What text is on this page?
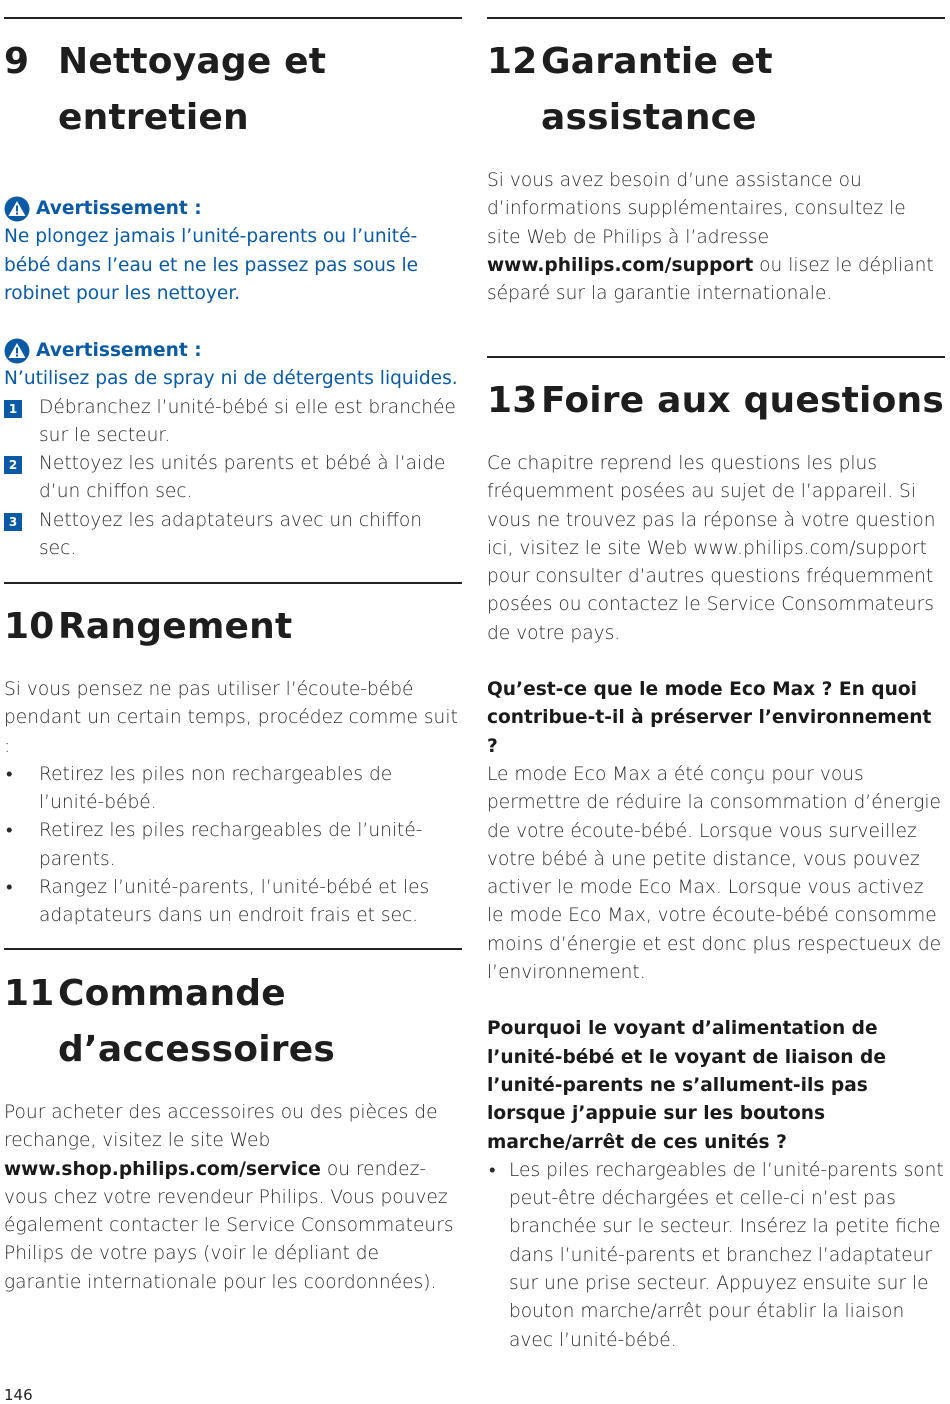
9 Nettoyage et
entretien
Avertissement :

Ne plongez jamais l’unité-parents ou l’unité-bébé dans l’eau et ne les passez pas sous le robinet pour les nettoyer.

Avertissement :

N’utilisez pas de spray ni de détergents liquides.

1 Débranchez l’unité-bébé si elle est branchée sur le secteur.
2 Nettoyez les unités parents et bébé à l’aide d’un chiffon sec.
3 Nettoyez les adaptateurs avec un chiffon sec.
10Rangement

Si vous pensez ne pas utiliser l’écoute-bébé pendant un certain temps, procédez comme suit :

• Retirez les piles non rechargeables de l’unité-bébé.
• Retirez les piles rechargeables de l’unité-parents.
• Rangez l’unité-parents, l’unité-bébé et les adaptateurs dans un endroit frais et sec.
11Commande
d’accessoires

Pour acheter des accessoires ou des pièces de rechange, visitez le site Web www.shop.philips.com/service ou rendez-vous chez votre revendeur Philips. Vous pouvez également contacter le Service Consommateurs Philips de votre pays (voir le dépliant de garantie internationale pour les coordonnées).

12Garantie et
assistance

Si vous avez besoin d’une assistance ou d’informations supplémentaires, consultez le site Web de Philips à l’adresse www.philips.com/support ou lisez le dépliant séparé sur la garantie internationale.

13Foire aux questions

Ce chapitre reprend les questions les plus fréquemment posées au sujet de l’appareil. Si vous ne trouvez pas la réponse à votre question ici, visitez le site Web www.philips.com/support pour consulter d’autres questions fréquemment posées ou contactez le Service Consommateurs de votre pays.

Qu’est-ce que le mode Eco Max ? En quoi contribue-t-il à préserver l’environnement ?

Le mode Eco Max a été conçu pour vous permettre de réduire la consommation d’énergie de votre écoute-bébé. Lorsque vous surveillez votre bébé à une petite distance, vous pouvez activer le mode Eco Max. Lorsque vous activez le mode Eco Max, votre écoute-bébé consomme moins d’énergie et est donc plus respectueux de l’environnement.

Pourquoi le voyant d’alimentation de l’unité-bébé et le voyant de liaison de l’unité-parents ne s’allument-ils pas lorsque j’appuie sur les boutons marche/arrêt de ces unités ?

• Les piles rechargeables de l’unité-parents sont peut-être déchargées et celle-ci n’est pas branchée sur le secteur. Insérez la petite fiche dans l’unité-parents et branchez l’adaptateur sur une prise secteur. Appuyez ensuite sur le bouton marche/arrêt pour établir la liaison avec l’unité-bébé.
146
